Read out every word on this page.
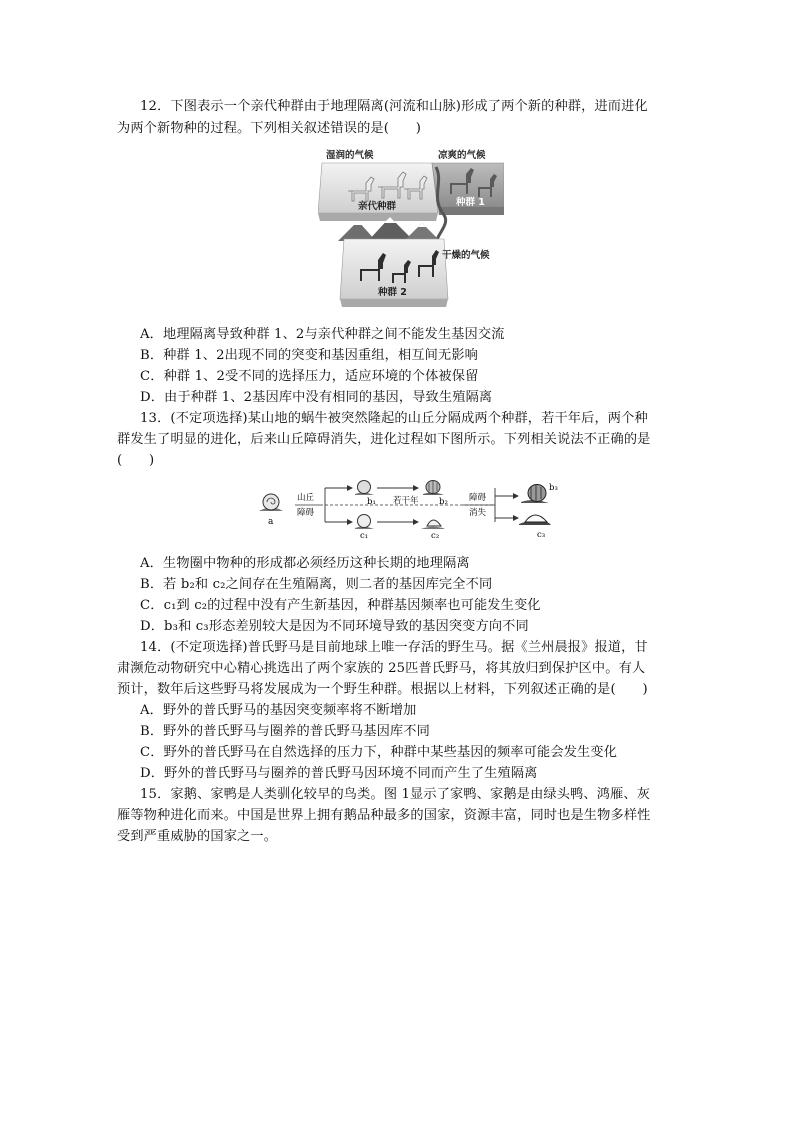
12．下图表示一个亲代种群由于地理隔离(河流和山脉)形成了两个新的种群，进而进化
为两个新物种的过程。下列相关叙述错误的是(　　)
湿润的气候	凉爽的气候
亲代种群	种群 1
干燥的气候
种群 2
A．地理隔离导致种群 1、2与亲代种群之间不能发生基因交流
B．种群 1、2出现不同的突变和基因重组，相互间无影响
C．种群 1、2受不同的选择压力，适应环境的个体被保留
D．由于种群 1、2基因库中没有相同的基因，导致生殖隔离
13．(不定项选择)某山地的蜗牛被突然隆起的山丘分隔成两个种群，若干年后，两个种
群发生了明显的进化，后来山丘障碍消失，进化过程如下图所示。下列相关说法不正确的是
(　　)
a
山丘
障碍
b₁ 若干年 b₂ 障碍
消失
b₃
c₁	c₂	c₃
A．生物圈中物种的形成都必须经历这种长期的地理隔离
B．若 b₂和 c₂之间存在生殖隔离，则二者的基因库完全不同
C．c₁到 c₂的过程中没有产生新基因，种群基因频率也可能发生变化
D．b₃和 c₃形态差别较大是因为不同环境导致的基因突变方向不同
14．(不定项选择)普氏野马是目前地球上唯一存活的野生马。据《兰州晨报》报道，甘
肃濒危动物研究中心精心挑选出了两个家族的 25匹普氏野马，将其放归到保护区中。有人
预计，数年后这些野马将发展成为一个野生种群。根据以上材料，下列叙述正确的是(　　)
A．野外的普氏野马的基因突变频率将不断增加
B．野外的普氏野马与圈养的普氏野马基因库不同
C．野外的普氏野马在自然选择的压力下，种群中某些基因的频率可能会发生变化
D．野外的普氏野马与圈养的普氏野马因环境不同而产生了生殖隔离
15．家鹅、家鸭是人类驯化较早的鸟类。图 1显示了家鸭、家鹅是由绿头鸭、鸿雁、灰
雁等物种进化而来。中国是世界上拥有鹅品种最多的国家，资源丰富，同时也是生物多样性
受到严重威胁的国家之一。
